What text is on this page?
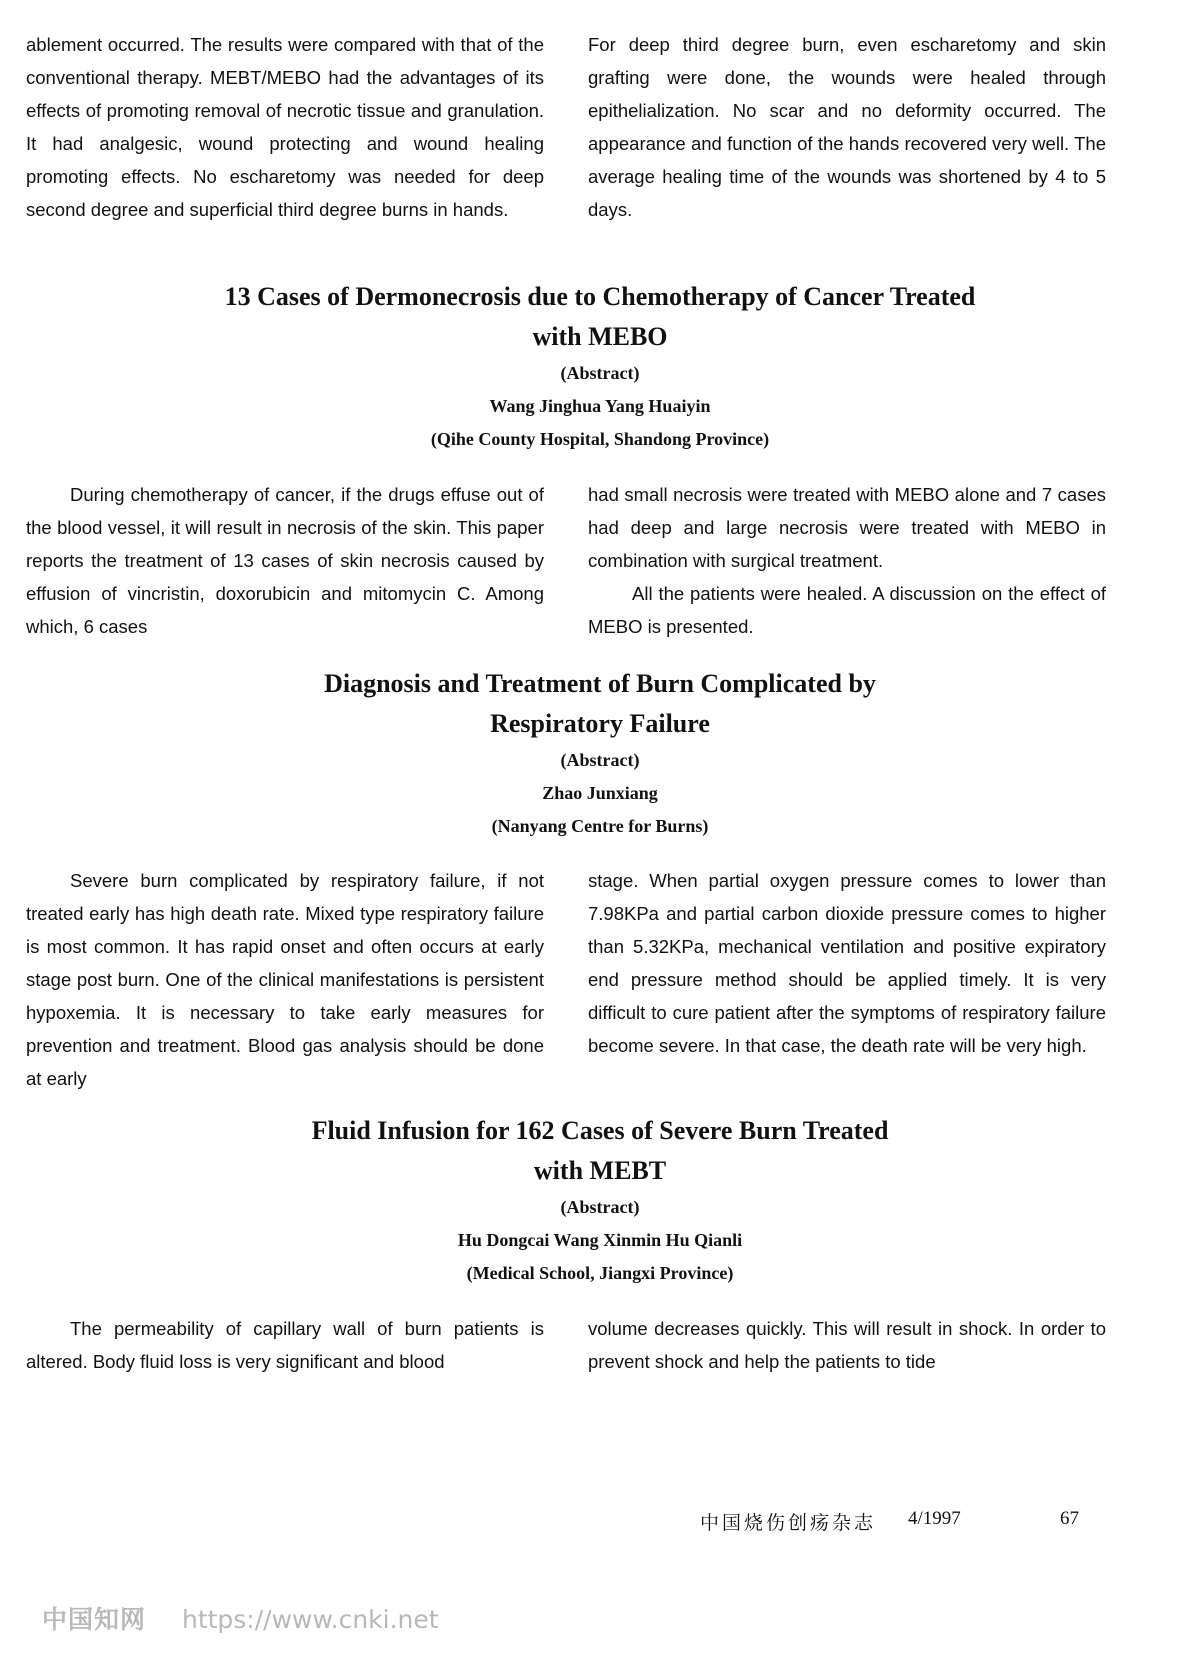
ablement occurred. The results were compared with that of the conventional therapy. MEBT/MEBO had the advantages of its effects of promoting removal of necrotic tissue and granulation. It had analgesic, wound protecting and wound healing promoting effects. No escharetomy was needed for deep second degree and superficial third degree burns in hands.

For deep third degree burn, even escharetomy and skin grafting were done, the wounds were healed through epithelialization. No scar and no deformity occurred. The appearance and function of the hands recovered very well. The average healing time of the wounds was shortened by 4 to 5 days.

13 Cases of Dermonecrosis due to Chemotherapy of Cancer Treated
with MEBO

(Abstract)

Wang Jinghua Yang Huaiyin

(Qihe County Hospital, Shandong Province)

During chemotherapy of cancer, if the drugs effuse out of the blood vessel, it will result in necrosis of the skin. This paper reports the treatment of 13 cases of skin necrosis caused by effusion of vincristin, doxorubicin and mitomycin C. Among which, 6 cases

had small necrosis were treated with MEBO alone and 7 cases had deep and large necrosis were treated with MEBO in combination with surgical treatment.

All the patients were healed. A discussion on the effect of MEBO is presented.

Diagnosis and Treatment of Burn Complicated by
Respiratory Failure

(Abstract)

Zhao Junxiang

(Nanyang Centre for Burns)

Severe burn complicated by respiratory failure, if not treated early has high death rate. Mixed type respiratory failure is most common. It has rapid onset and often occurs at early stage post burn. One of the clinical manifestations is persistent hypoxemia. It is necessary to take early measures for prevention and treatment. Blood gas analysis should be done at early

stage. When partial oxygen pressure comes to lower than 7.98KPa and partial carbon dioxide pressure comes to higher than 5.32KPa, mechanical ventilation and positive expiratory end pressure method should be applied timely. It is very difficult to cure patient after the symptoms of respiratory failure become severe. In that case, the death rate will be very high.

Fluid Infusion for 162 Cases of Severe Burn Treated
with MEBT

(Abstract)

Hu Dongcai Wang Xinmin Hu Qianli

(Medical School, Jiangxi Province)

The permeability of capillary wall of burn patients is altered. Body fluid loss is very significant and blood

volume decreases quickly. This will result in shock. In order to prevent shock and help the patients to tide

中国烧伤创疡杂志 4/1997	67
中国知网 https://www.cnki.net
